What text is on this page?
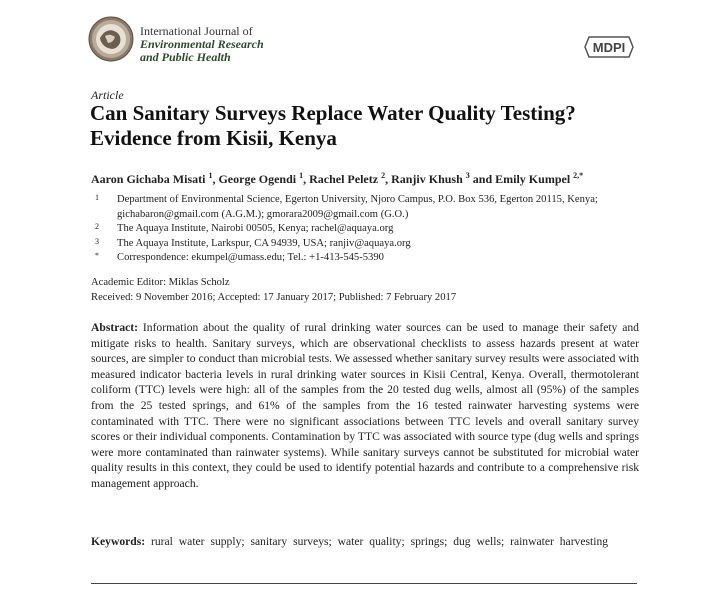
International Journal of
Environmental Research
and Public Health
MDPI
Article
Can Sanitary Surveys Replace Water Quality Testing?
Evidence from Kisii, Kenya
Aaron Gichaba Misati $^1$, George Ogendi $^1$, Rachel Peletz $^2$, Ranjiv Khush $^3$ and Emily Kumpel $^{2,*}$
1 Department of Environmental Science, Egerton University, Njoro Campus, P.O. Box 536, Egerton 20115, Kenya; gichabaron@gmail.com (A.G.M.); gmorara2009@gmail.com (G.O.)
2 The Aquaya Institute, Nairobi 00505, Kenya; rachel@aquaya.org
3 The Aquaya Institute, Larkspur, CA 94939, USA; ranjiv@aquaya.org
* Correspondence: ekumpel@umass.edu; Tel.: +1-413-545-5390
Academic Editor: Miklas Scholz
Received: 9 November 2016; Accepted: 17 January 2017; Published: 7 February 2017
Abstract: Information about the quality of rural drinking water sources can be used to manage their safety and mitigate risks to health. Sanitary surveys, which are observational checklists to assess hazards present at water sources, are simpler to conduct than microbial tests. We assessed whether sanitary survey results were associated with measured indicator bacteria levels in rural drinking water sources in Kisii Central, Kenya. Overall, thermotolerant coliform (TTC) levels were high: all of the samples from the 20 tested dug wells, almost all (95%) of the samples from the 25 tested springs, and 61% of the samples from the 16 tested rainwater harvesting systems were contaminated with TTC. There were no significant associations between TTC levels and overall sanitary survey scores or their individual components. Contamination by TTC was associated with source type (dug wells and springs were more contaminated than rainwater systems). While sanitary surveys cannot be substituted for microbial water quality results in this context, they could be used to identify potential hazards and contribute to a comprehensive risk management approach.
Keywords: rural water supply; sanitary surveys; water quality; springs; dug wells; rainwater harvesting
